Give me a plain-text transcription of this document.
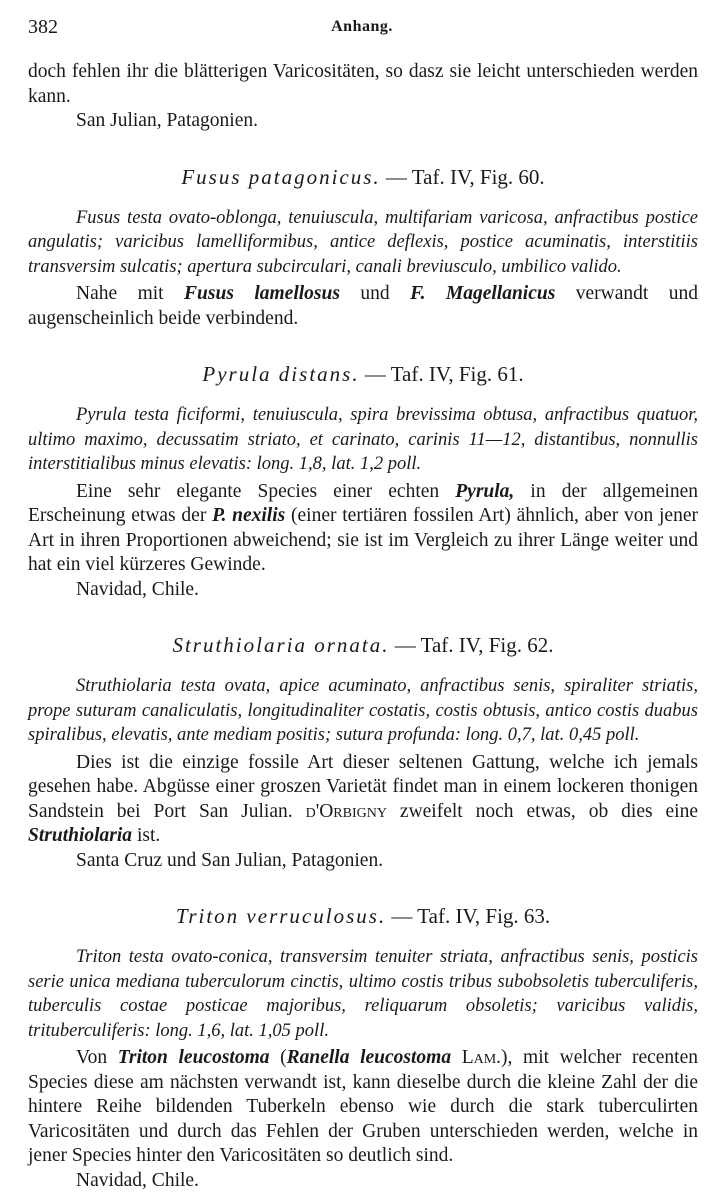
382	Anhang.

doch fehlen ihr die blätterigen Varicositäten, so dasz sie leicht unterschieden werden kann.

San Julian, Patagonien.

Fusus patagonicus. — Taf. IV, Fig. 60.

Fusus testa ovato-oblonga, tenuiuscula, multifariam varicosa, anfractibus postice angulatis; varicibus lamelliformibus, antice deflexis, postice acuminatis, interstitiis transversim sulcatis; apertura subcirculari, canali breviusculo, umbilico valido.

Nahe mit Fusus lamellosus und F. Magellanicus verwandt und augenscheinlich beide verbindend.

Pyrula distans. — Taf. IV, Fig. 61.

Pyrula testa ficiformi, tenuiuscula, spira brevissima obtusa, anfractibus quatuor, ultimo maximo, decussatim striato, et carinato, carinis 11—12, distantibus, nonnullis interstitialibus minus elevatis: long. 1,8, lat. 1,2 poll.

Eine sehr elegante Species einer echten Pyrula, in der allgemeinen Erscheinung etwas der P. nexilis (einer tertiären fossilen Art) ähnlich, aber von jener Art in ihren Proportionen abweichend; sie ist im Vergleich zu ihrer Länge weiter und hat ein viel kürzeres Gewinde.

Navidad, Chile.

Struthiolaria ornata. — Taf. IV, Fig. 62.

Struthiolaria testa ovata, apice acuminato, anfractibus senis, spiraliter striatis, prope suturam canaliculatis, longitudinaliter costatis, costis obtusis, antico costis duabus spiralibus, elevatis, ante mediam positis; sutura profunda: long. 0,7, lat. 0,45 poll.

Dies ist die einzige fossile Art dieser seltenen Gattung, welche ich jemals gesehen habe. Abgüsse einer groszen Varietät findet man in einem lockeren thonigen Sandstein bei Port San Julian. d'Orbigny zweifelt noch etwas, ob dies eine Struthiolaria ist.

Santa Cruz und San Julian, Patagonien.

Triton verruculosus. — Taf. IV, Fig. 63.

Triton testa ovato-conica, transversim tenuiter striata, anfractibus senis, posticis serie unica mediana tuberculorum cinctis, ultimo costis tribus subobsoletis tuberculiferis, tuberculis costae posticae majoribus, reliquarum obsoletis; varicibus validis, trituberculiferis: long. 1,6, lat. 1,05 poll.

Von Triton leucostoma (Ranella leucostoma Lam.), mit welcher recenten Species diese am nächsten verwandt ist, kann dieselbe durch die kleine Zahl der die hintere Reihe bildenden Tuberkeln ebenso wie durch die stark tuberculirten Varicositäten und durch das Fehlen der Gruben unterschieden werden, welche in jener Species hinter den Varicositäten so deutlich sind.

Navidad, Chile.
